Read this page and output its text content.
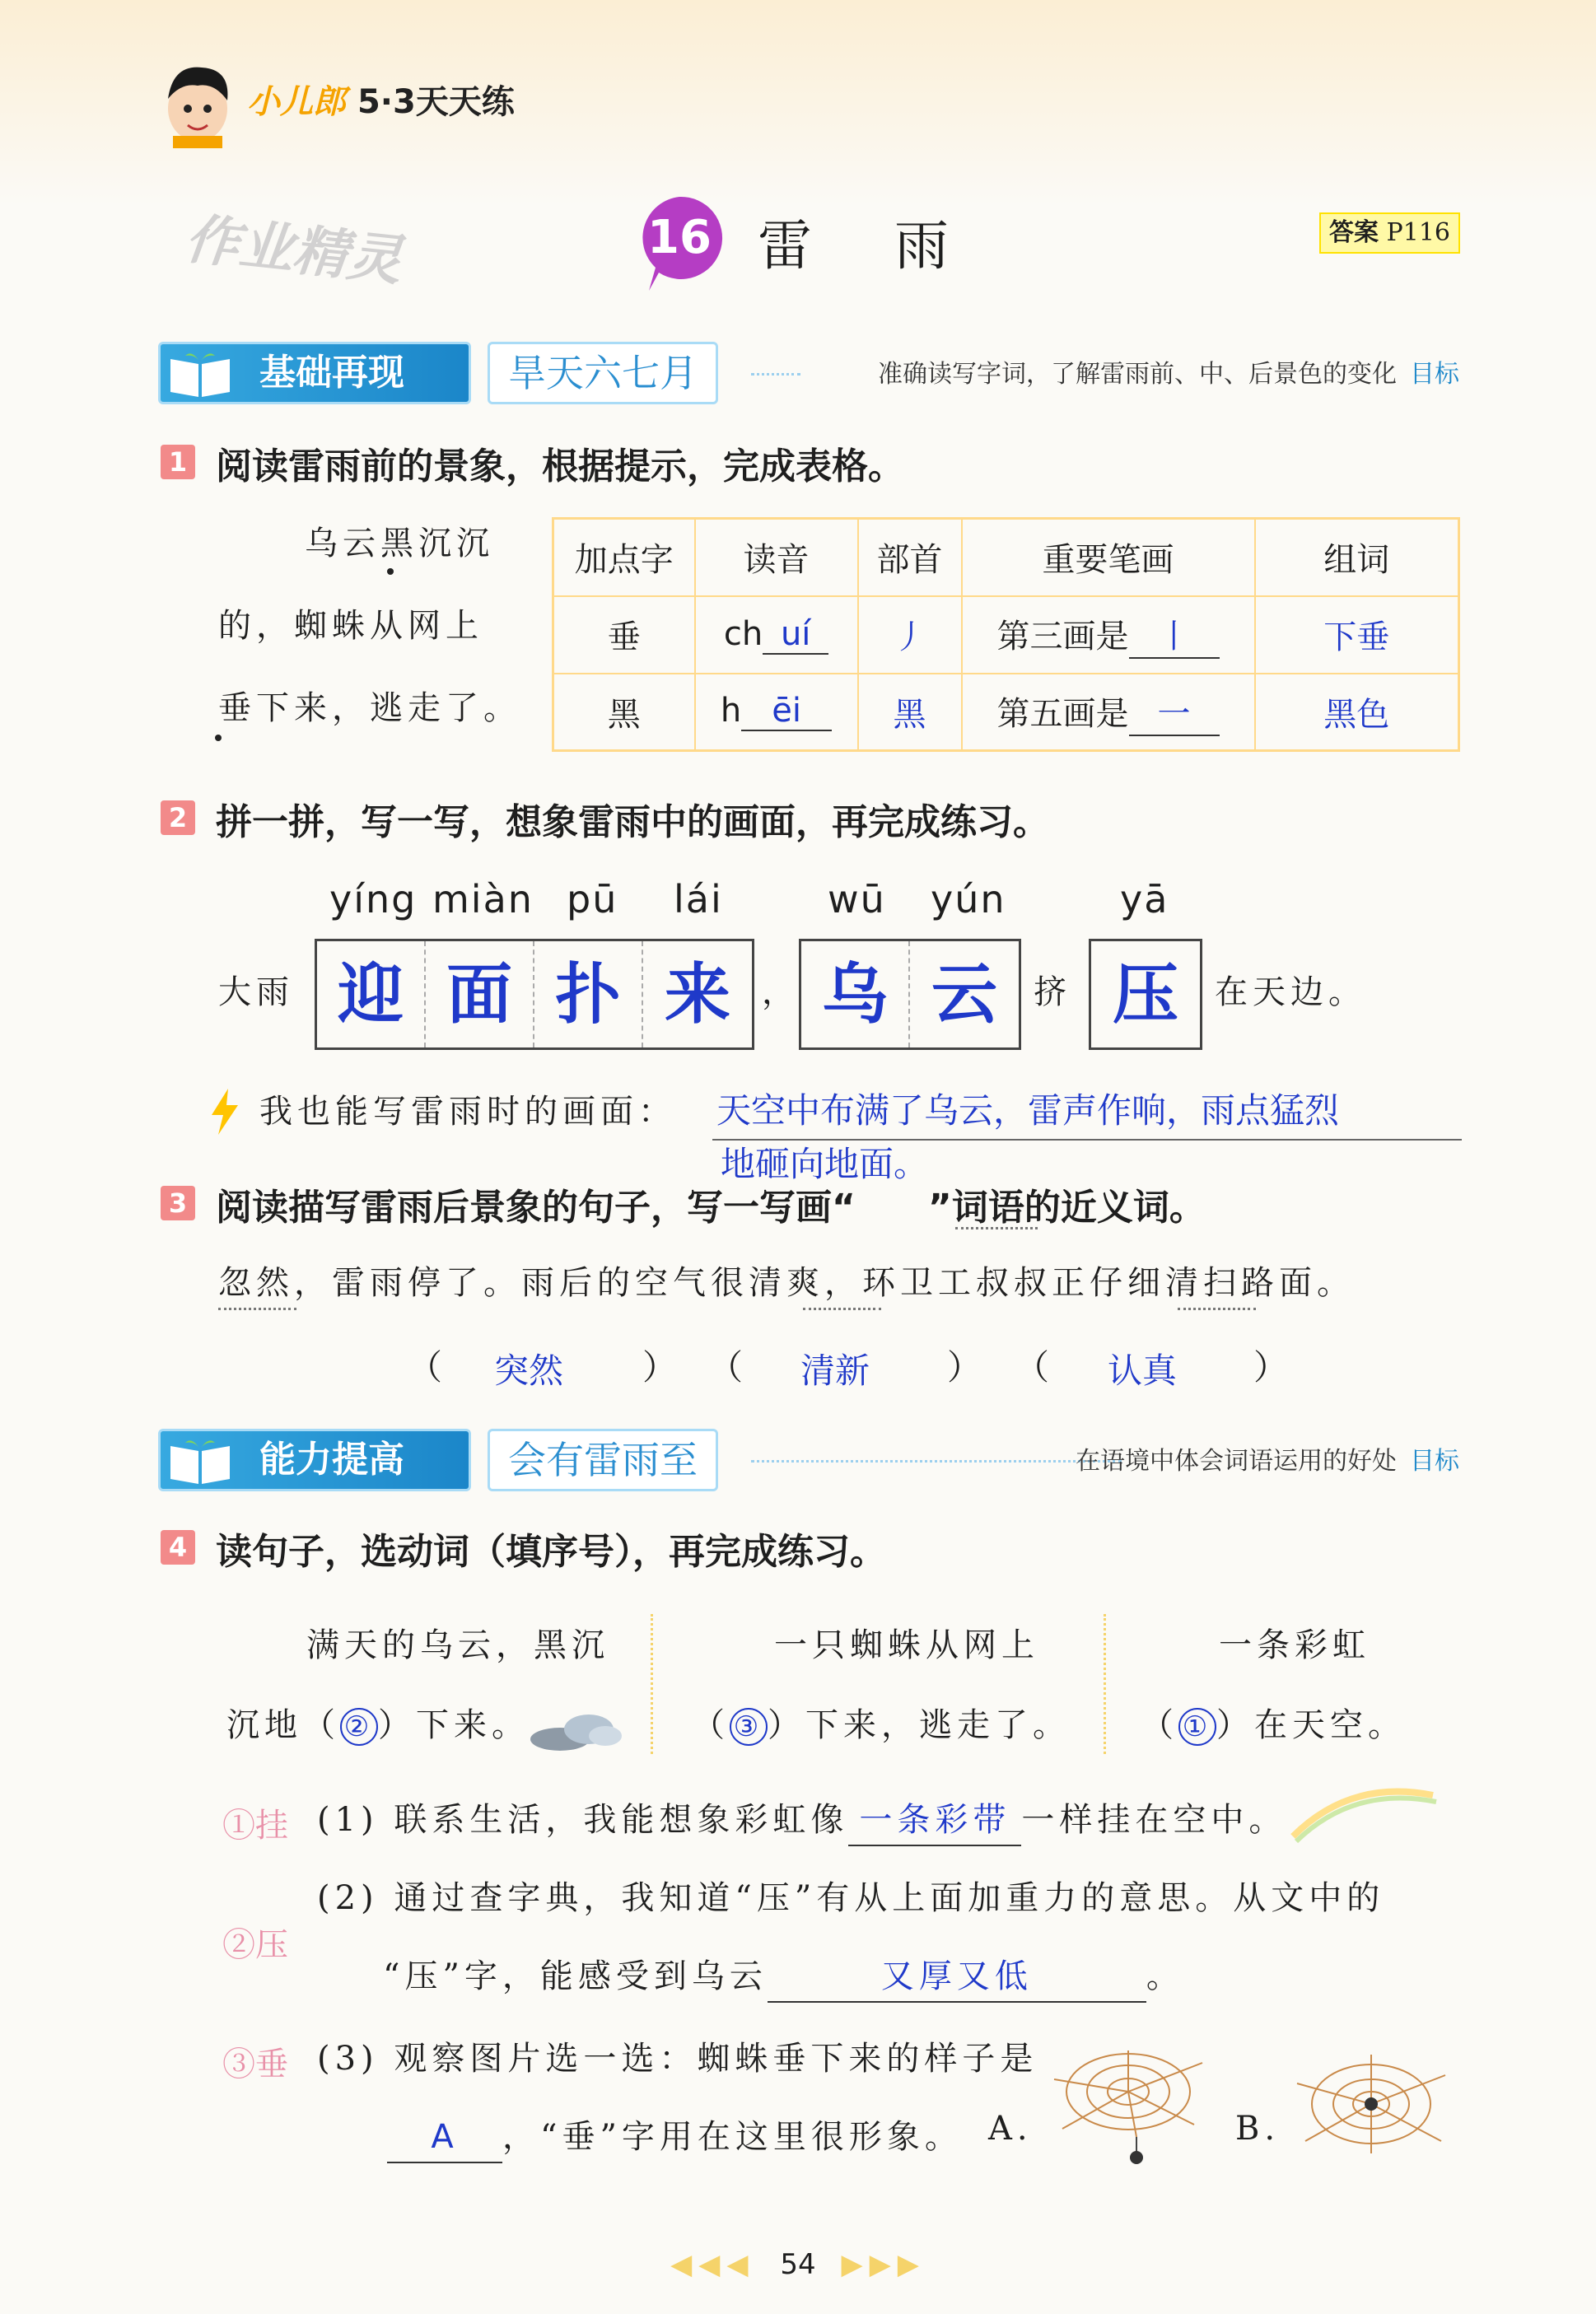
小儿郎 5·3天天练
作业精灵	16 雷雨	答案 P116
基础再现	旱天六七月	准确读写字词，了解雷雨前、中、后景色的变化 目标
1 阅读雷雨前的景象，根据提示，完成表格。
乌云黑沉沉
的，蜘蛛从网上
垂下来，逃走了。
加点字	读音	部首	重要笔画	组词
垂	ch uí	丿	第三画是 丨	下垂
黑	h ēi	黑	第五画是 一	黑色
2 拼一拼，写一写，想象雷雨中的画面，再完成练习。
yíng miàn pū lái	wū yún	yā
大雨 迎 面 扑 来 ， 乌 云	挤 压	在天边。
我也能写雷雨时的画面： 天空中布满了乌云，雷声作响，雨点猛烈
地砸向地面。
3 阅读描写雷雨后景象的句子，写一写画“　　”词语的近义词。
忽然，雷雨停了。雨后的空气很清爽，环卫工叔叔正仔细清扫路面。
（ 突然 ） （ 清新 ） （ 认真 ）
能力提高	会有雷雨至	在语境中体会词语运用的好处 目标
4 读句子，选动词（填序号），再完成练习。
满天的乌云，黑沉
沉地（ ② ）下来。
一只蜘蛛从网上
（ ③ ）下来，逃走了。
一条彩虹
（ ① ）在天空。
①挂 (1) 联系生活，我能想象彩虹像 一条彩带 一样挂在空中。
(2) 通过查字典，我知道“压”有从上面加重力的意思。从文中的
②压
“压”字，能感受到乌云	又厚又低	。
③垂 (3) 观察图片选一选：蜘蛛垂下来的样子是
A ，“垂”字用在这里很形象。 A.	B.
◀◀◀ 54 ▶▶▶
